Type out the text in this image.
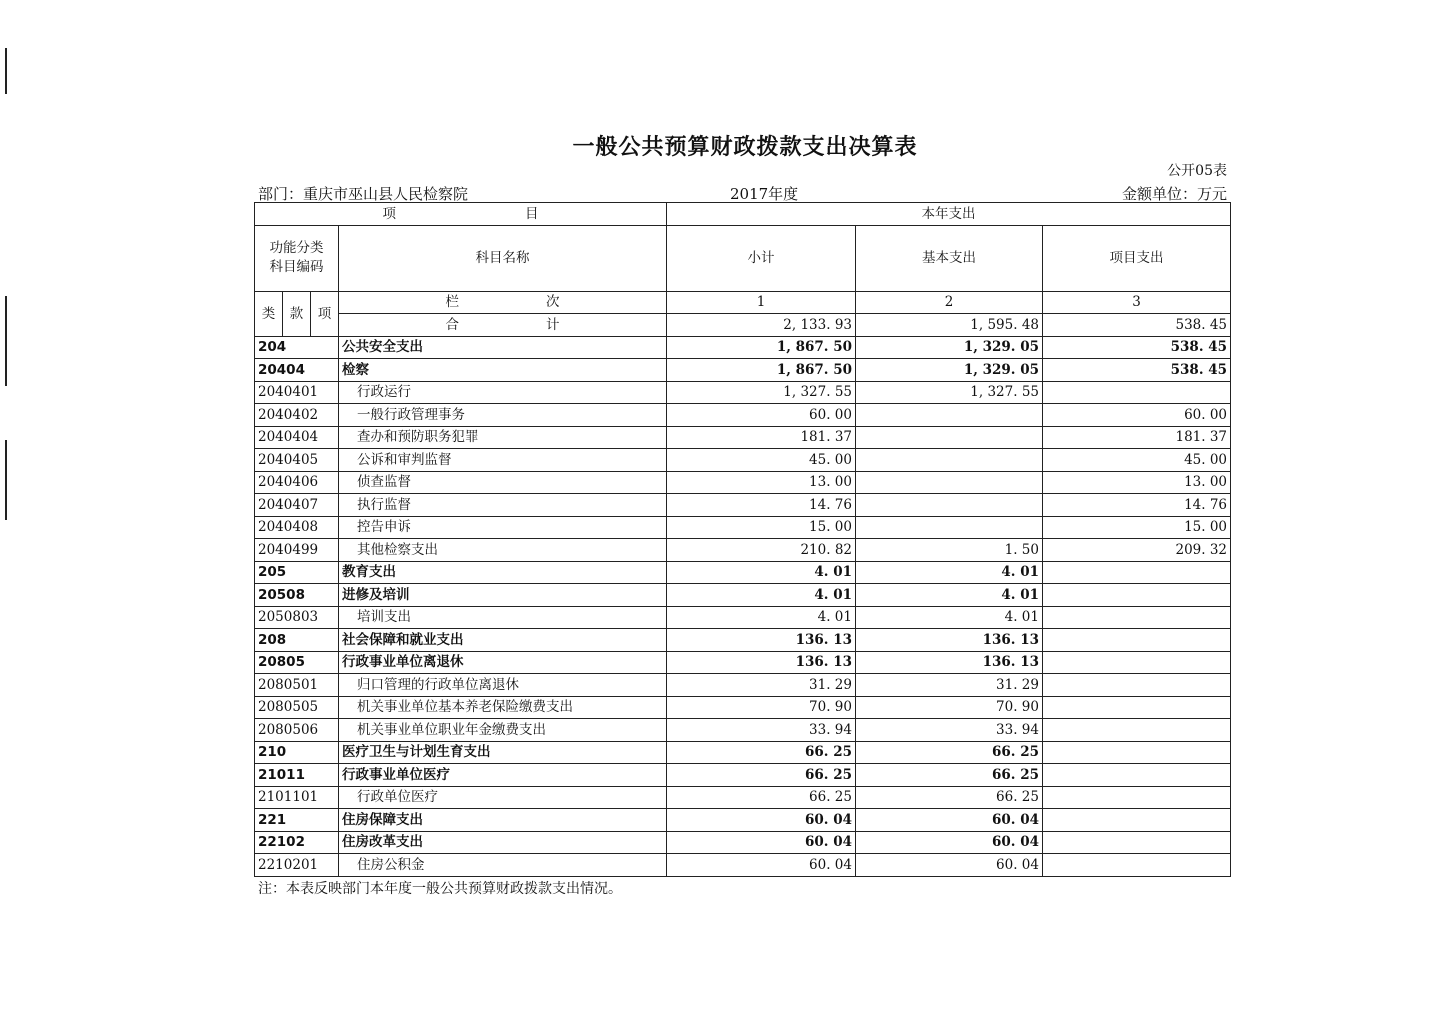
一般公共预算财政拨款支出决算表
公开05表
部门：重庆市巫山县人民检察院	2017年度	金额单位：万元
项 目				本年支出		

功能分类
科目编码			科目名称	小计	基本支出	项目支出
类	款	项	栏 次	1	2	3

			合 计	2, 133. 93	1, 595. 48	538. 45
204			公共安全支出	1, 867. 50	1, 329. 05	538. 45
20404			检察	1, 867. 50	1, 329. 05	538. 45
2040401			行政运行	1, 327. 55	1, 327. 55	
2040402			一般行政管理事务	60. 00		60. 00
2040404			查办和预防职务犯罪	181. 37		181. 37
2040405			公诉和审判监督	45. 00		45. 00
2040406			侦查监督	13. 00		13. 00
2040407			执行监督	14. 76		14. 76
2040408			控告申诉	15. 00		15. 00
2040499			其他检察支出	210. 82	1. 50	209. 32
205			教育支出	4. 01	4. 01	
20508			进修及培训	4. 01	4. 01	
2050803			培训支出	4. 01	4. 01	
208			社会保障和就业支出	136. 13	136. 13	
20805			行政事业单位离退休	136. 13	136. 13	
2080501			归口管理的行政单位离退休	31. 29	31. 29	
2080505			机关事业单位基本养老保险缴费支出	70. 90	70. 90	
2080506			机关事业单位职业年金缴费支出	33. 94	33. 94	
210			医疗卫生与计划生育支出	66. 25	66. 25	
21011			行政事业单位医疗	66. 25	66. 25	
2101101			行政单位医疗	66. 25	66. 25	
221			住房保障支出	60. 04	60. 04	
22102			住房改革支出	60. 04	60. 04	
2210201			住房公积金	60. 04	60. 04	
注：本表反映部门本年度一般公共预算财政拨款支出情况。
